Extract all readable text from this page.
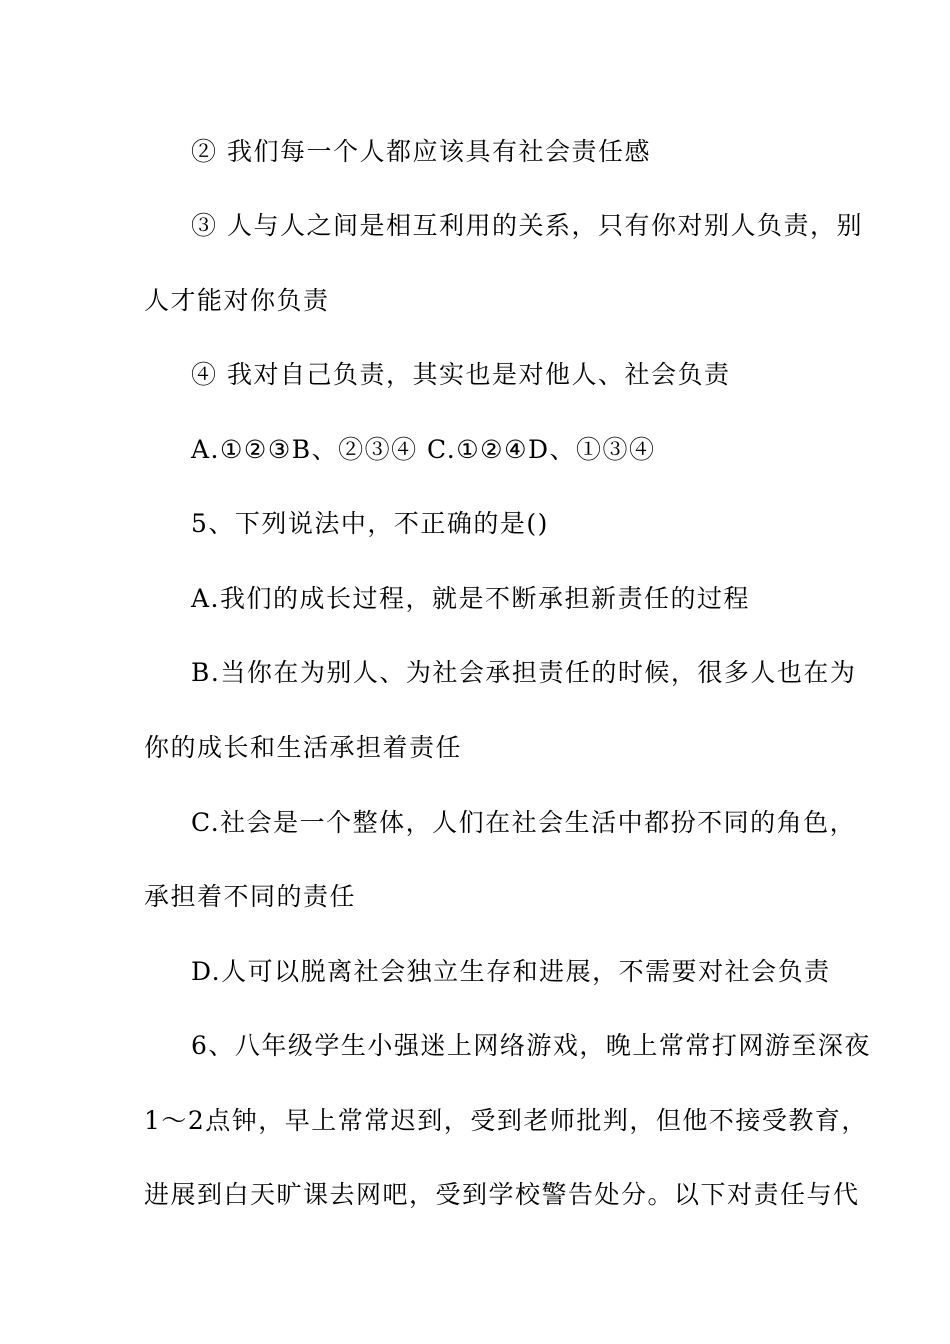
② 我们每一个人都应该具有社会责任感
③ 人与人之间是相互利用的关系，只有你对别人负责，别
人才能对你负责
④ 我对自己负责，其实也是对他人、社会负责
A.①②③B、②③④ C.①②④D、①③④
5、下列说法中，不正确的是()
A.我们的成长过程，就是不断承担新责任的过程
B.当你在为别人、为社会承担责任的时候，很多人也在为
你的成长和生活承担着责任
C.社会是一个整体，人们在社会生活中都扮不同的角色，
承担着不同的责任
D.人可以脱离社会独立生存和进展，不需要对社会负责
6、八年级学生小强迷上网络游戏，晚上常常打网游至深夜
1～2点钟，早上常常迟到，受到老师批判，但他不接受教育，
进展到白天旷课去网吧，受到学校警告处分。以下对责任与代
